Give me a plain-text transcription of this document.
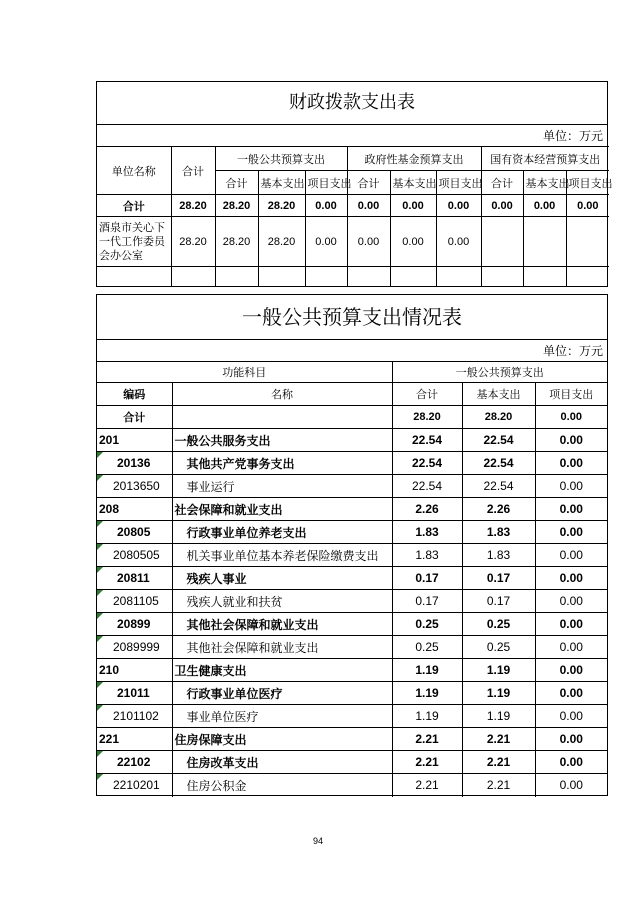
财政拨款支出表
单位：万元
单位名称	合计	一般公共预算支出			政府性基金预算支出			国有资本经营预算支出		
		合计	基本支出	项目支出	合计	基本支出	项目支出	合计	基本支出	项目支出
合计	28.20	28.20	28.20	0.00	0.00	0.00	0.00	0.00	0.00	0.00
酒泉市关心下一代工作委员会办公室	28.20	28.20	28.20	0.00	0.00	0.00	0.00			

一般公共预算支出情况表
单位：万元
功能科目		一般公共预算支出		
编码	名称	合计	基本支出	项目支出
合计		28.20	28.20	0.00
201	一般公共服务支出	22.54	22.54	0.00
20136	其他共产党事务支出	22.54	22.54	0.00
2013650	事业运行	22.54	22.54	0.00
208	社会保障和就业支出	2.26	2.26	0.00
20805	行政事业单位养老支出	1.83	1.83	0.00
2080505	机关事业单位基本养老保险缴费支出	1.83	1.83	0.00
20811	残疾人事业	0.17	0.17	0.00
2081105	残疾人就业和扶贫	0.17	0.17	0.00
20899	其他社会保障和就业支出	0.25	0.25	0.00
2089999	其他社会保障和就业支出	0.25	0.25	0.00
210	卫生健康支出	1.19	1.19	0.00
21011	行政事业单位医疗	1.19	1.19	0.00
2101102	事业单位医疗	1.19	1.19	0.00
221	住房保障支出	2.21	2.21	0.00
22102	住房改革支出	2.21	2.21	0.00
2210201	住房公积金	2.21	2.21	0.00
94
